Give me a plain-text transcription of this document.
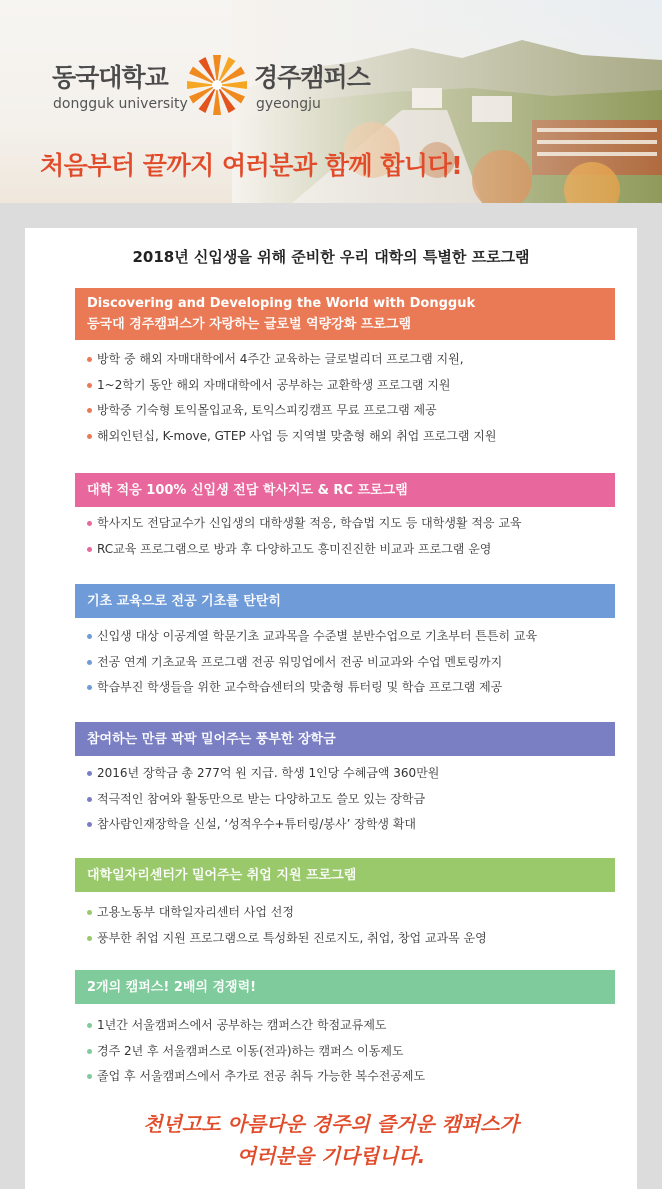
동국대학교
dongguk university
경주캠퍼스
gyeongju
처음부터 끝까지 여러분과 함께 합니다!
2018년 신입생을 위해 준비한 우리 대학의 특별한 프로그램
Discovering and Developing the World with Dongguk
등국대 경주캠퍼스가 자랑하는 글로벌 역량강화 프로그램
방학 중 해외 자매대학에서 4주간 교육하는 글로벌리더 프로그램 지원,
1~2학기 동안 해외 자매대학에서 공부하는 교환학생 프로그램 지원
방학중 기숙형 토익몰입교육, 토익스피킹캠프 무료 프로그램 제공
해외인턴십, K-move, GTEP 사업 등 지역별 맞춤형 해외 취업 프로그램 지원
대학 적응 100% 신입생 전담 학사지도 & RC 프로그램
학사지도 전담교수가 신입생의 대학생활 적응, 학습법 지도 등 대학생활 적응 교육
RC교육 프로그램으로 방과 후 다양하고도 흥미진진한 비교과 프로그램 운영
기초 교육으로 전공 기초를 탄탄히
신입생 대상 이공계열 학문기초 교과목을 수준별 분반수업으로 기초부터 튼튼히 교육
전공 연계 기초교육 프로그램 전공 워밍업에서 전공 비교과와 수업 멘토링까지
학습부진 학생들을 위한 교수학습센터의 맞춤형 튜터링 및 학습 프로그램 제공
참여하는 만큼 팍팍 밀어주는 풍부한 장학금
2016년 장학금 총 277억 원 지급. 학생 1인당 수혜금액 360만원
적극적인 참여와 활동만으로 받는 다양하고도 쓸모 있는 장학금
참사람인재장학을 신설, ‘성적우수+튜터링/봉사’ 장학생 확대
대학일자리센터가 밀어주는 취업 지원 프로그램
고용노동부 대학일자리센터 사업 선정
풍부한 취업 지원 프로그램으로 특성화된 진로지도, 취업, 창업 교과목 운영
2개의 캠퍼스! 2배의 경쟁력!
1년간 서울캠퍼스에서 공부하는 캠퍼스간 학점교류제도
경주 2년 후 서울캠퍼스로 이동(전과)하는 캠퍼스 이동제도
졸업 후 서울캠퍼스에서 추가로 전공 취득 가능한 복수전공제도
천년고도 아름다운 경주의 즐거운 캠퍼스가
여러분을 기다립니다.
